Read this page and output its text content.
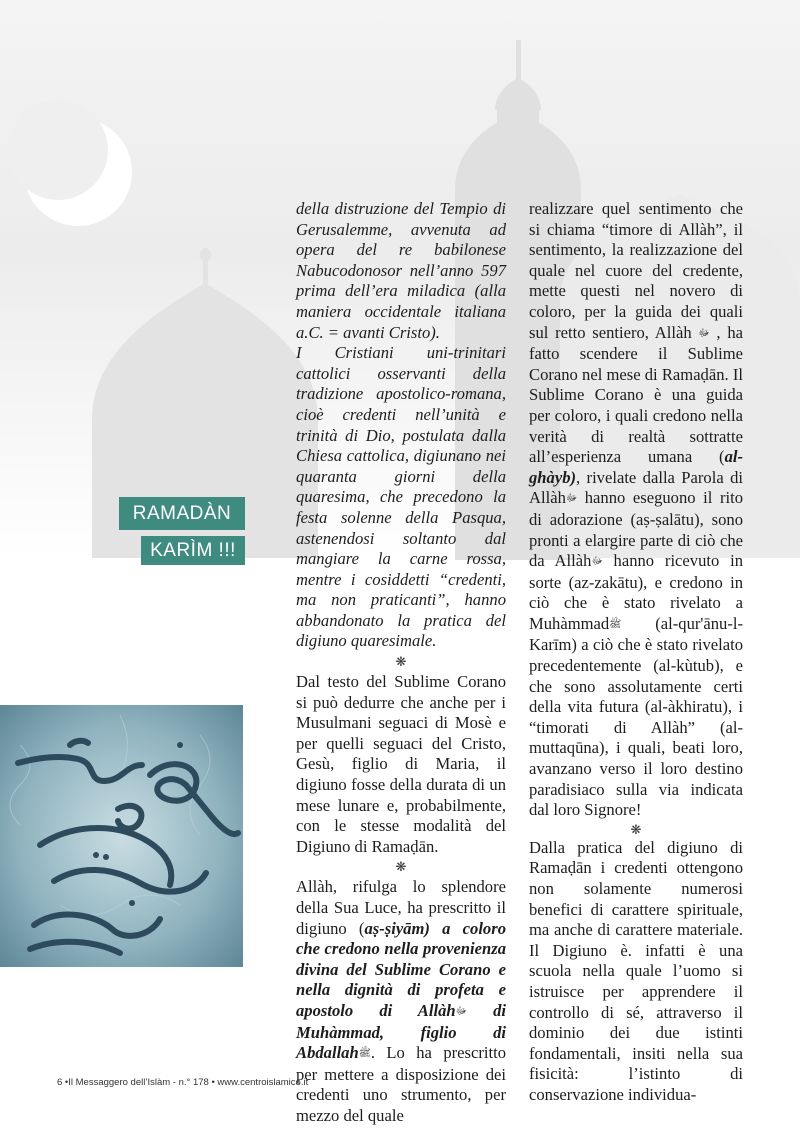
RAMADÀN
KARÌM !!!

della distruzione del Tempio di Gerusalemme, avvenuta ad opera del re babilonese Nabucodonosor nell’anno 597 prima dell’era miladica (alla maniera occidentale italiana a.C. = avanti Cristo).

I Cristiani uni-trinitari cattolici osservanti della tradizione apostolico-romana, cioè credenti nell’unità e trinità di Dio, postulata dalla Chiesa cattolica, digiunano nei quaranta giorni della quaresima, che precedono la festa solenne della Pasqua, astenendosi soltanto dal mangiare la carne rossa, mentre i cosiddetti “credenti, ma non praticanti”, hanno abbandonato la pratica del digiuno quaresimale.

❋

Dal testo del Sublime Corano si può dedurre che anche per i Musulmani seguaci di Mosè e per quelli seguaci del Cristo, Gesù, figlio di Maria, il digiuno fosse della durata di un mese lunare e, probabilmente, con le stesse modalità del Digiuno di Ramaḍān.

❋

Allàh, rifulga lo splendore della Sua Luce, ha prescritto il digiuno (aṣ-ṣiyām) a coloro che credono nella provenienza divina del Sublime Corano e nella dignità di profeta e apostolo di Allàhﷻ di Muhàmmad, figlio di Abdallahﷺ. Lo ha prescritto per mettere a disposizione dei credenti uno strumento, per mezzo del quale

realizzare quel sentimento che si chiama “timore di Allàh”, il sentimento, la realizzazione del quale nel cuore del credente, mette questi nel novero di coloro, per la guida dei quali sul retto sentiero, Allàh ﷻ , ha fatto scendere il Sublime Corano nel mese di Ramaḍān. Il Sublime Corano è una guida per coloro, i quali credono nella verità di realtà sottratte all’esperienza umana (al-ghàyb), rivelate dalla Parola di Allàhﷻ hanno eseguono il rito di adorazione (aṣ-ṣalātu), sono pronti a elargire parte di ciò che da Allàhﷻ hanno ricevuto in sorte (az-zakātu), e credono in ciò che è stato rivelato a Muhàmmadﷺ (al-qur'ānu-l-Karīm) a ciò che è stato rivelato precedentemente (al-kùtub), e che sono assolutamente certi della vita futura (al-àkhiratu), i “timorati di Allàh” (al-muttaqūna), i quali, beati loro, avanzano verso il loro destino paradisiaco sulla via indicata dal loro Signore!

❋

Dalla pratica del digiuno di Ramaḍān i credenti ottengono non solamente numerosi benefici di carattere spirituale, ma anche di carattere materiale. Il Digiuno è. infatti è una scuola nella quale l’uomo si istruisce per apprendere il controllo di sé, attraverso il dominio dei due istinti fondamentali, insiti nella sua fisicità: l’istinto di conservazione individua-

6 •Il Messaggero dell’Islàm - n.° 178 • www.centroislamico.it
